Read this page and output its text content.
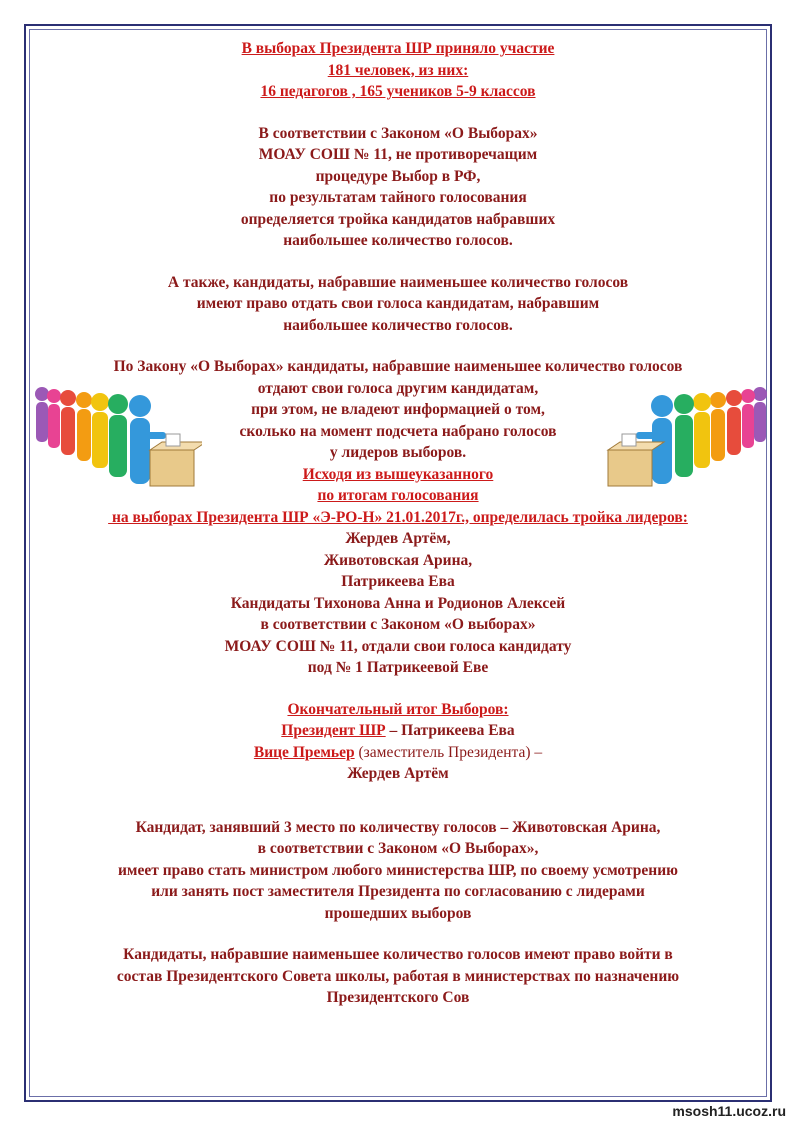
В выборах Президента ШР приняло участие

181 человек, из них:

16 педагогов , 165 учеников 5-9 классов

В соответствии с Законом «О Выборах»

МОАУ СОШ № 11, не противоречащим

процедуре Выбор в РФ,

по результатам тайного голосования

определяется тройка кандидатов набравших

наибольшее количество голосов.

А также, кандидаты, набравшие наименьшее количество голосов

имеют право отдать свои голоса кандидатам, набравшим

наибольшее количество голосов.

По Закону «О Выборах» кандидаты, набравшие наименьшее количество голосов

отдают свои голоса другим кандидатам,

при этом, не владеют информацией о том,

сколько на момент подсчета набрано голосов

у лидеров выборов.

Исходя из вышеуказанного

по итогам голосования

на выборах Президента ШР «Э-РО-Н» 21.01.2017г., определилась тройка лидеров:

Жердев Артём,

Животовская Арина,

Патрикеева Ева

Кандидаты Тихонова Анна и Родионов Алексей

в соответствии с Законом «О выборах»

МОАУ СОШ № 11, отдали свои голоса кандидату

под № 1 Патрикеевой Еве

Окончательный итог Выборов:

Президент ШР – Патрикеева Ева

Вице Премьер (заместитель Президента) –

Жердев Артём

Кандидат, занявший 3 место по количеству голосов – Животовская Арина,

в соответствии с Законом «О Выборах»,

имеет право стать министром любого министерства ШР, по своему усмотрению

или занять пост заместителя Президента по согласованию с лидерами

прошедших выборов

Кандидаты, набравшие наименьшее количество голосов имеют право войти в

состав Президентского Совета школы, работая в министерствах по назначению

Президентского Сов

msosh11.ucoz.ru
